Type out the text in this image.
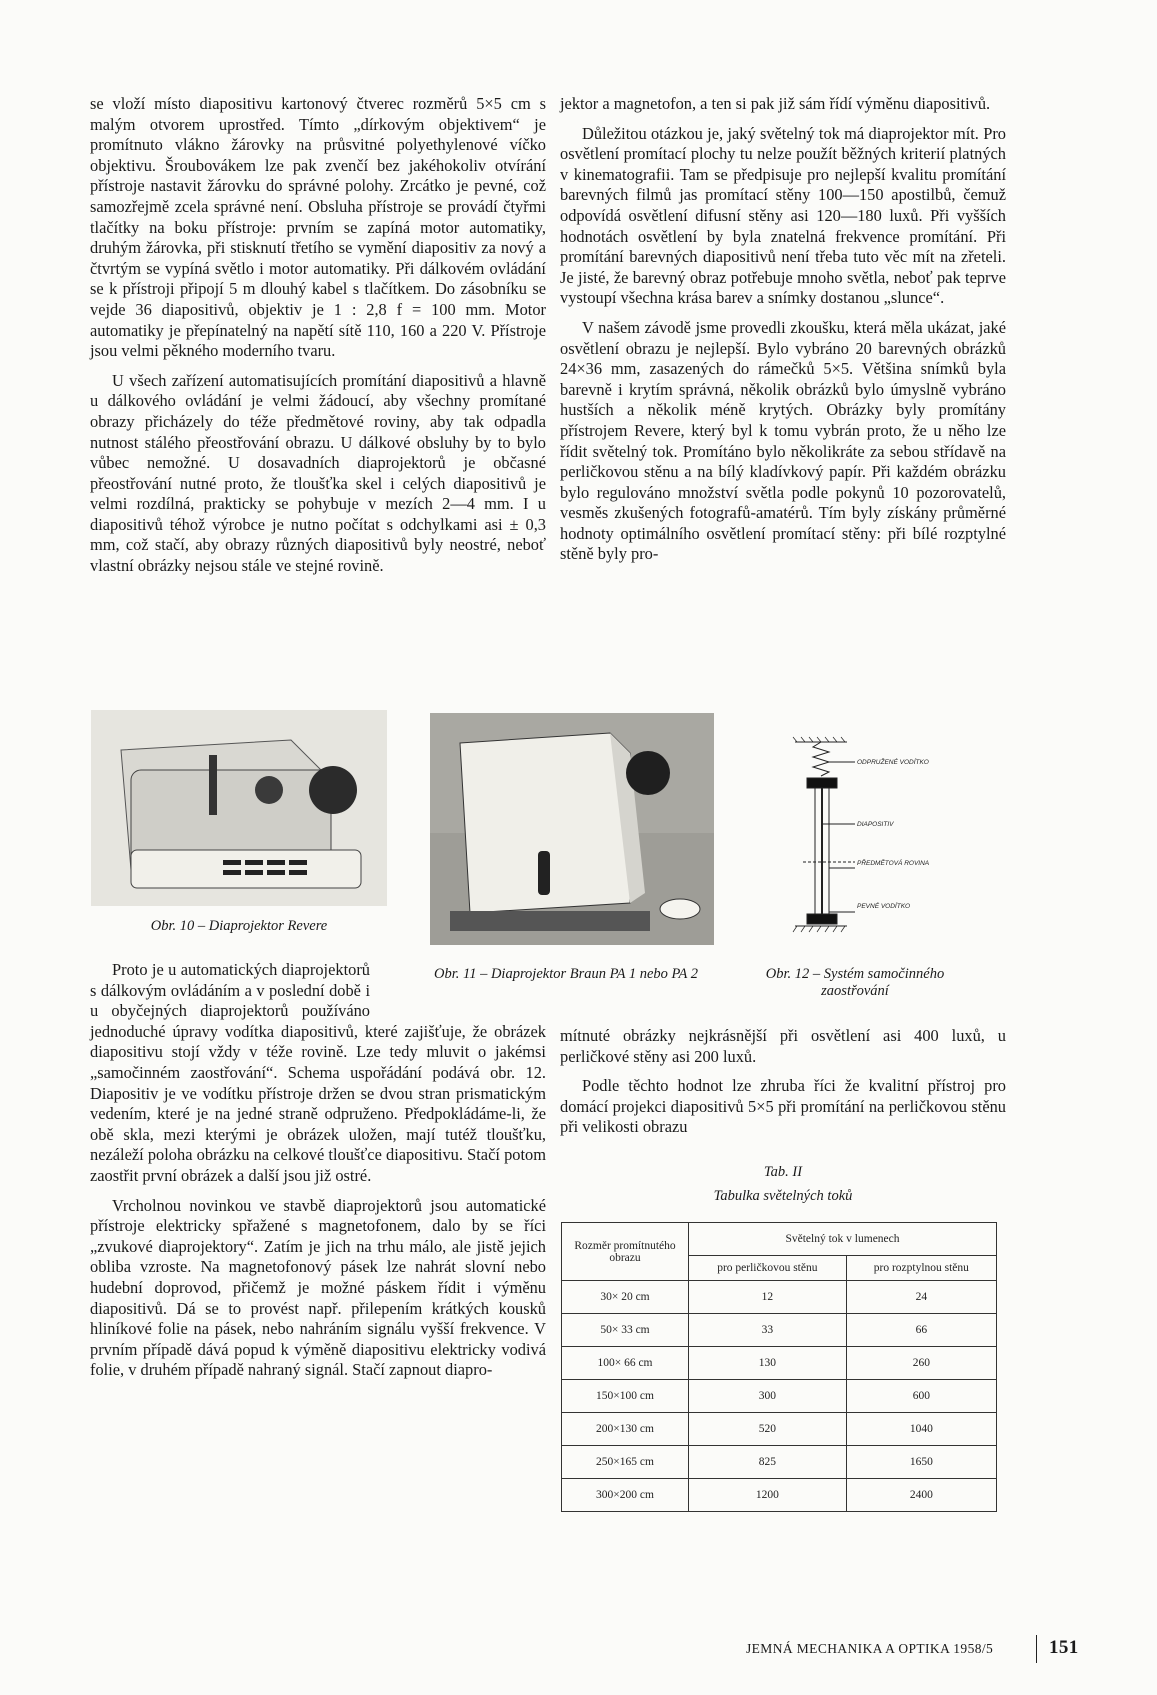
se vloží místo diapositivu kartonový čtverec rozměrů 5×5 cm s malým otvorem uprostřed. Tímto „dírkovým objektivem“ je promítnuto vlákno žárovky na průsvitné polyethylenové víčko objektivu. Šroubovákem lze pak zvenčí bez jakéhokoliv otvírání přístroje nastavit žárovku do správné polohy. Zrcátko je pevné, což samozřejmě zcela správné není. Obsluha přístroje se provádí čtyřmi tlačítky na boku přístroje: prvním se zapíná motor automatiky, druhým žárovka, při stisknutí třetího se vymění diapositiv za nový a čtvrtým se vypíná světlo i motor automatiky. Při dálkovém ovládání se k přístroji připojí 5 m dlouhý kabel s tlačítkem. Do zásobníku se vejde 36 diapositivů, objektiv je 1 : 2,8 f = 100 mm. Motor automatiky je přepínatelný na napětí sítě 110, 160 a 220 V. Přístroje jsou velmi pěkného moderního tvaru.

U všech zařízení automatisujících promítání diapositivů a hlavně u dálkového ovládání je velmi žádoucí, aby všechny promítané obrazy přicházely do téže předmětové roviny, aby tak odpadla nutnost stálého přeostřování obrazu. U dálkové obsluhy by to bylo vůbec nemožné. U dosavadních diaprojektorů je občasné přeostřování nutné proto, že tloušťka skel i celých diapositivů je velmi rozdílná, prakticky se pohybuje v mezích 2—4 mm. I u diapositivů téhož výrobce je nutno počítat s odchylkami asi ± 0,3 mm, což stačí, aby obrazy různých diapositivů byly neostré, neboť vlastní obrázky nejsou stále ve stejné rovině.

jektor a magnetofon, a ten si pak již sám řídí výměnu diapositivů.

Důležitou otázkou je, jaký světelný tok má diaprojektor mít. Pro osvětlení promítací plochy tu nelze použít běžných kriterií platných v kinematografii. Tam se předpisuje pro nejlepší kvalitu promítání barevných filmů jas promítací stěny 100—150 apostilbů, čemuž odpovídá osvětlení difusní stěny asi 120—180 luxů. Při vyšších hodnotách osvětlení by byla znatelná frekvence promítání. Při promítání barevných diapositivů není třeba tuto věc mít na zřeteli. Je jisté, že barevný obraz potřebuje mnoho světla, neboť pak teprve vystoupí všechna krása barev a snímky dostanou „slunce“.

V našem závodě jsme provedli zkoušku, která měla ukázat, jaké osvětlení obrazu je nejlepší. Bylo vybráno 20 barevných obrázků 24×36 mm, zasazených do rámečků 5×5. Většina snímků byla barevně i krytím správná, několik obrázků bylo úmyslně vybráno hustších a několik méně krytých. Obrázky byly promítány přístrojem Revere, který byl k tomu vybrán proto, že u něho lze řídit světelný tok. Promítáno bylo několikráte za sebou střídavě na perličkovou stěnu a na bílý kladívkový papír. Při každém obrázku bylo regulováno množství světla podle pokynů 10 pozorovatelů, vesměs zkušených fotografů-amatérů. Tím byly získány průměrné hodnoty optimálního osvětlení promítací stěny: při bílé rozptylné stěně byly pro-

Obr. 10 – Diaprojektor Revere
Obr. 11 – Diaprojektor Braun PA 1 nebo PA 2
ODPRUŽENÉ VODÍTKO
DIAPOSITIV
PŘEDMĚTOVÁ ROVINA
PEVNÉ VODÍTKO
Obr. 12 – Systém samočinného zaostřování

Proto je u automatických diaprojektorů s dálkovým ovládáním a v poslední době i u obyčejných diaprojektorů používáno jednoduché úpravy vodítka diapositivů, které zajišťuje, že obrázek diapositivu stojí vždy v téže rovině. Lze tedy mluvit o jakémsi „samočinném zaostřování“. Schema uspořádání podává obr. 12. Diapositiv je ve vodítku přístroje držen se dvou stran prismatickým vedením, které je na jedné straně odpruženo. Předpokládáme-li, že obě skla, mezi kterými je obrázek uložen, mají tutéž tloušťku, nezáleží poloha obrázku na celkové tloušťce diapositivu. Stačí potom zaostřit první obrázek a další jsou již ostré.

Vrcholnou novinkou ve stavbě diaprojektorů jsou automatické přístroje elektricky spřažené s magnetofonem, dalo by se říci „zvukové diaprojektory“. Zatím je jich na trhu málo, ale jistě jejich obliba vzroste. Na magnetofonový pásek lze nahrát slovní nebo hudební doprovod, přičemž je možné páskem řídit i výměnu diapositivů. Dá se to provést např. přilepením krátkých kousků hliníkové folie na pásek, nebo nahráním signálu vyšší frekvence. V prvním případě dává popud k výměně diapositivu elektricky vodivá folie, v druhém případě nahraný signál. Stačí zapnout diapro-

mítnuté obrázky nejkrásnější při osvětlení asi 400 luxů, u perličkové stěny asi 200 luxů.

Podle těchto hodnot lze zhruba říci že kvalitní přístroj pro domácí projekci diapositivů 5×5 při promítání na perličkovou stěnu při velikosti obrazu

Tab. II
Tabulka světelných toků
Rozměr promítnutého obrazu	Světelný tok v lumenech	
	pro perličkovou stěnu	pro rozptylnou stěnu
30× 20 cm	12	24
50× 33 cm	33	66
100× 66 cm	130	260
150×100 cm	300	600
200×130 cm	520	1040
250×165 cm	825	1650
300×200 cm	1200	2400
JEMNÁ MECHANIKA A OPTIKA 1958/5	151
